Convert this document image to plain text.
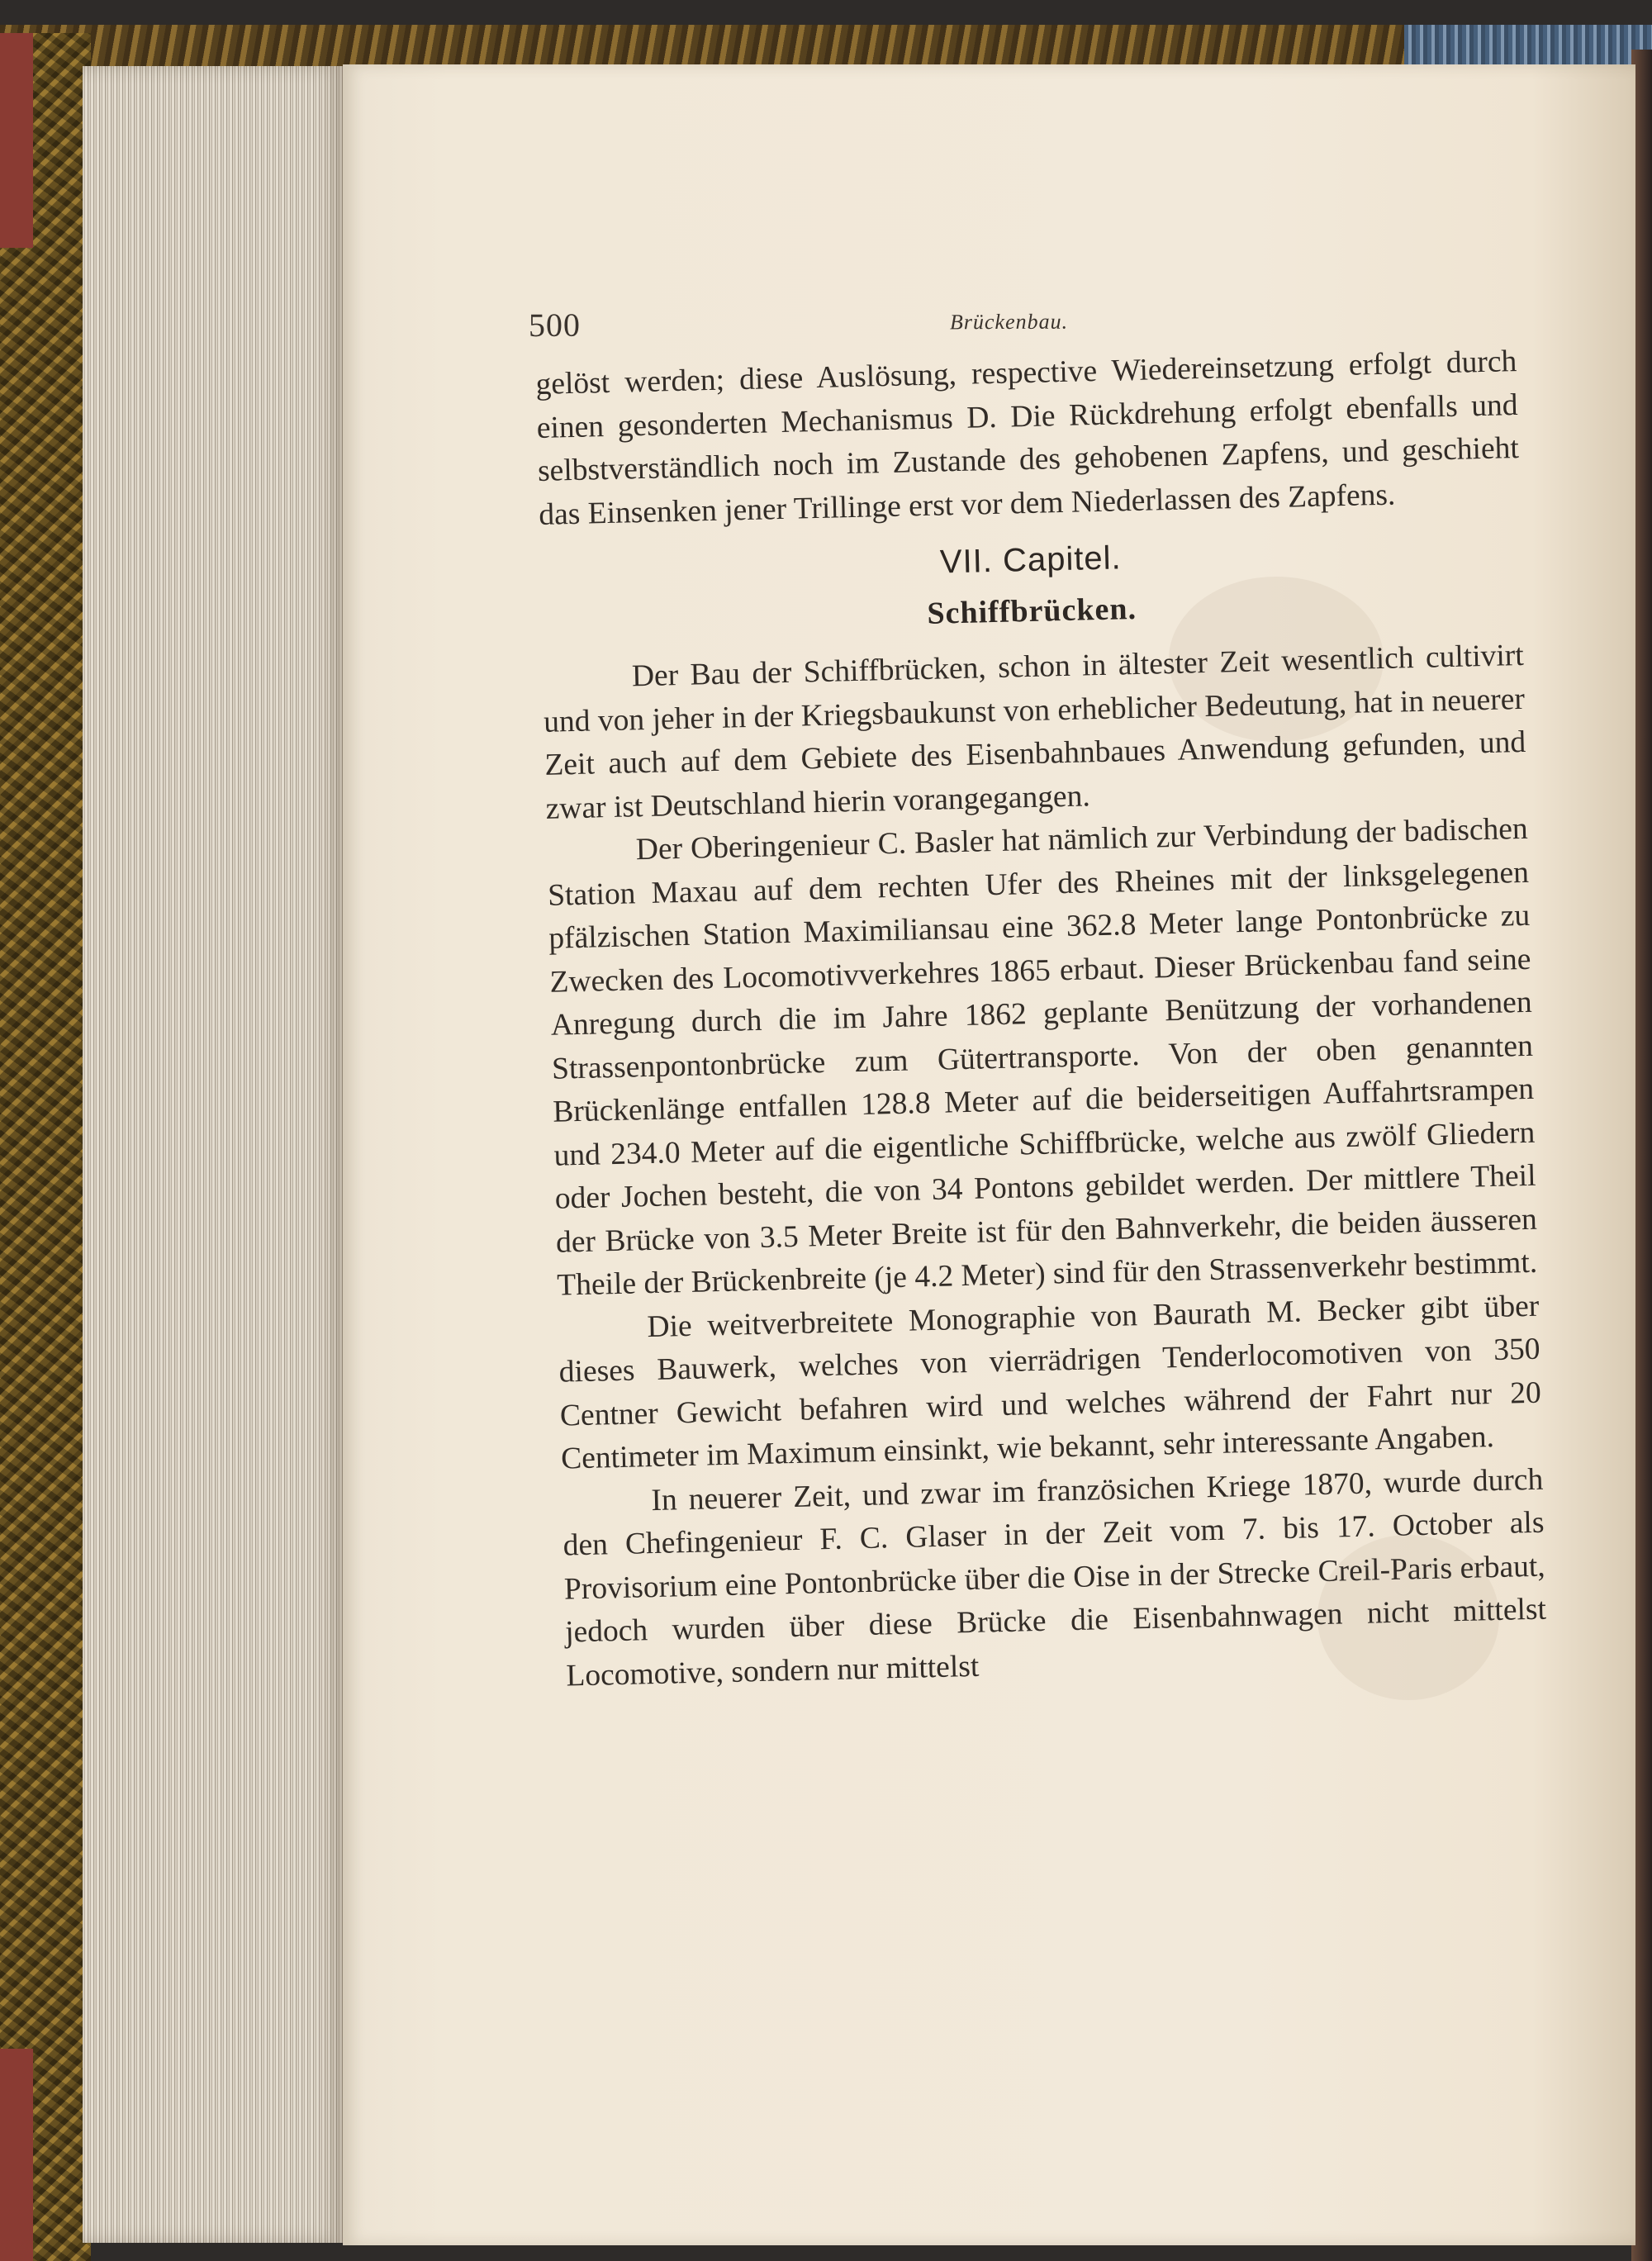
500	Brückenbau.

gelöst werden; diese Auslösung, respective Wiedereinsetzung erfolgt durch einen gesonderten Mechanismus D. Die Rückdrehung erfolgt ebenfalls und selbstverständlich noch im Zustande des gehobenen Zapfens, und geschieht das Einsenken jener Trillinge erst vor dem Niederlassen des Zapfens.

VII. Capitel.
Schiffbrücken.

Der Bau der Schiffbrücken, schon in ältester Zeit wesentlich cultivirt und von jeher in der Kriegsbaukunst von erheblicher Bedeutung, hat in neuerer Zeit auch auf dem Gebiete des Eisenbahnbaues Anwendung gefunden, und zwar ist Deutschland hierin vorangegangen.

Der Oberingenieur C. Basler hat nämlich zur Verbindung der badischen Station Maxau auf dem rechten Ufer des Rheines mit der linksgelegenen pfälzischen Station Maximiliansau eine 362.8 Meter lange Pontonbrücke zu Zwecken des Locomotivverkehres 1865 erbaut. Dieser Brückenbau fand seine Anregung durch die im Jahre 1862 geplante Benützung der vorhandenen Strassenpontonbrücke zum Gütertransporte. Von der oben genannten Brückenlänge entfallen 128.8 Meter auf die beiderseitigen Auffahrtsrampen und 234.0 Meter auf die eigentliche Schiffbrücke, welche aus zwölf Gliedern oder Jochen besteht, die von 34 Pontons gebildet werden. Der mittlere Theil der Brücke von 3.5 Meter Breite ist für den Bahnverkehr, die beiden äusseren Theile der Brückenbreite (je 4.2 Meter) sind für den Strassenverkehr bestimmt.

Die weitverbreitete Monographie von Baurath M. Becker gibt über dieses Bauwerk, welches von vierrädrigen Tenderlocomotiven von 350 Centner Gewicht befahren wird und welches während der Fahrt nur 20 Centimeter im Maximum einsinkt, wie bekannt, sehr interessante Angaben.

In neuerer Zeit, und zwar im französichen Kriege 1870, wurde durch den Chefingenieur F. C. Glaser in der Zeit vom 7. bis 17. October als Provisorium eine Pontonbrücke über die Oise in der Strecke Creil-Paris erbaut, jedoch wurden über diese Brücke die Eisenbahnwagen nicht mittelst Locomotive, sondern nur mittelst
